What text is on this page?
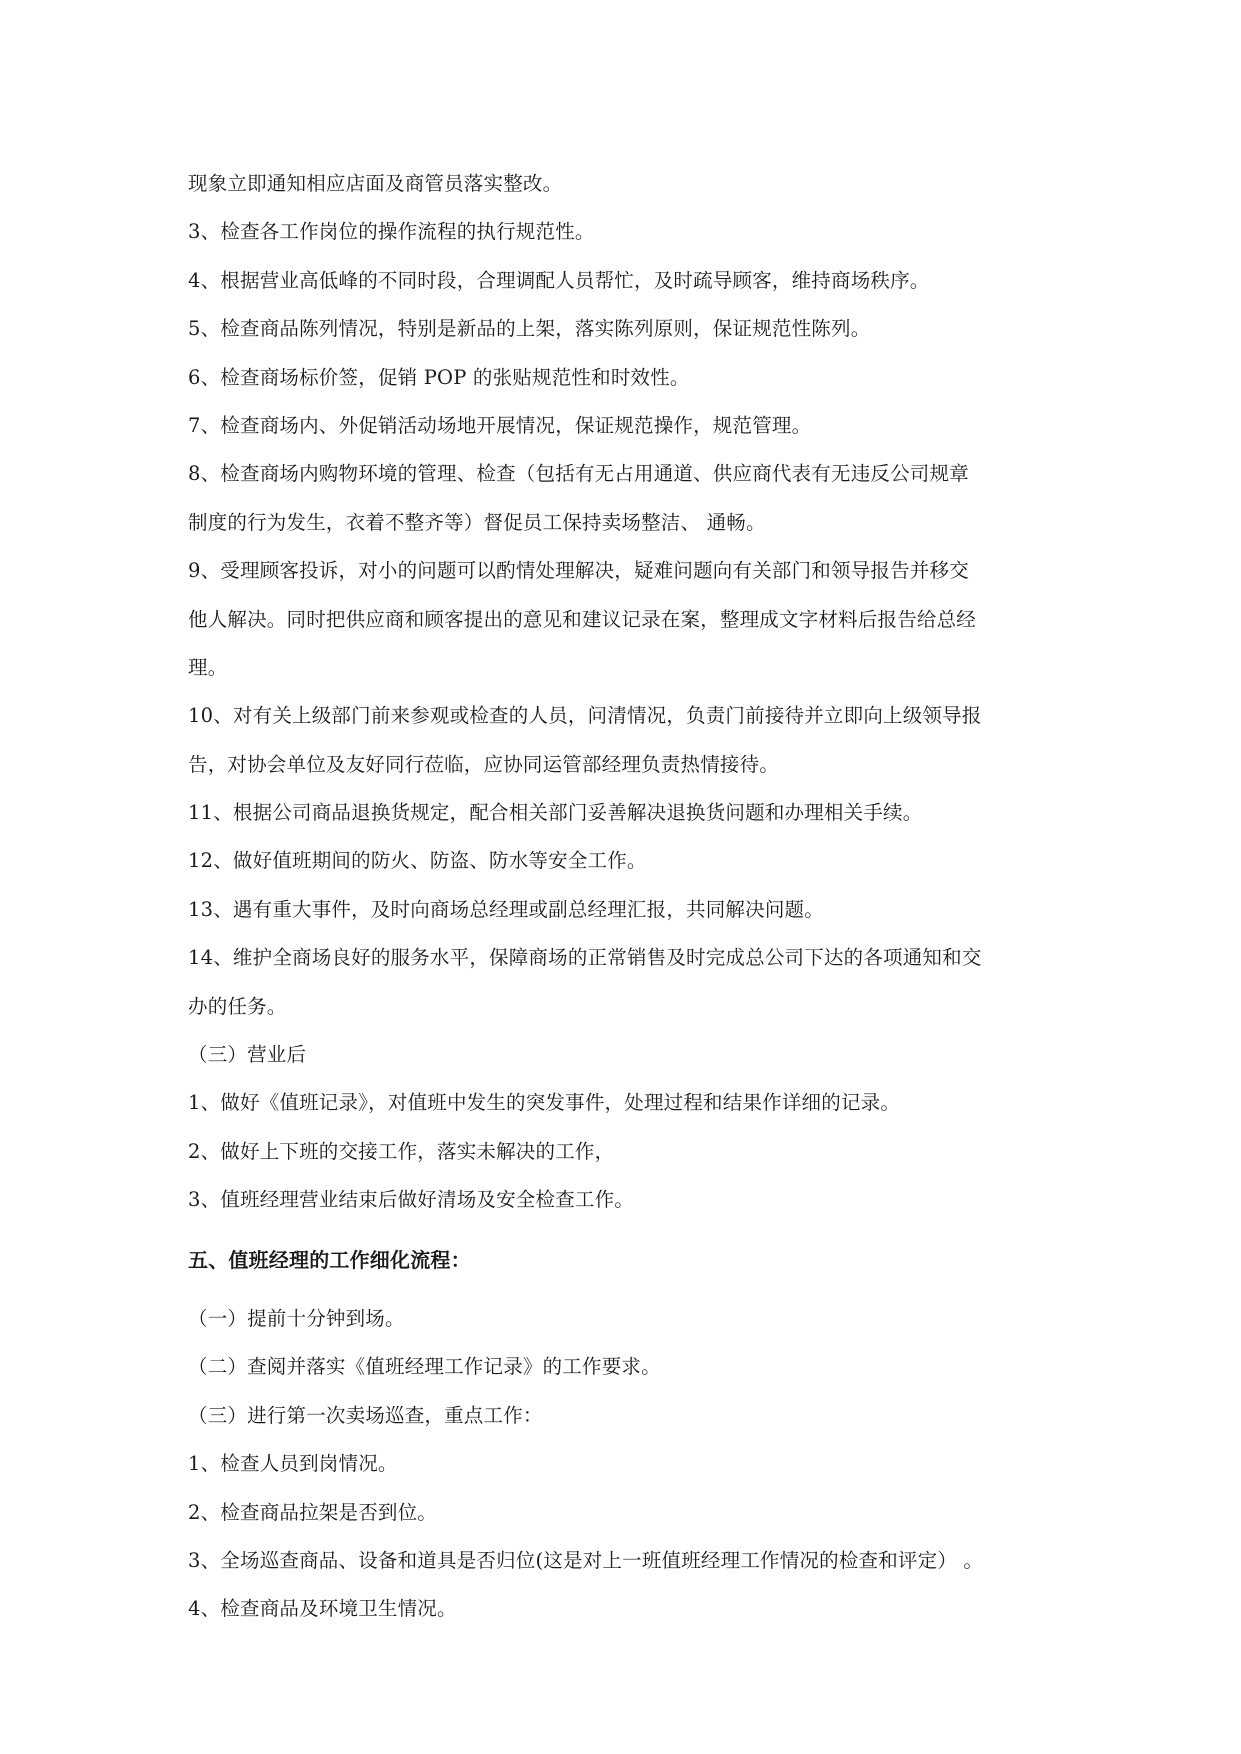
现象立即通知相应店面及商管员落实整改。
3、检查各工作岗位的操作流程的执行规范性。
4、根据营业高低峰的不同时段，合理调配人员帮忙，及时疏导顾客，维持商场秩序。
5、检查商品陈列情况，特别是新品的上架，落实陈列原则，保证规范性陈列。
6、检查商场标价签，促销 POP 的张贴规范性和时效性。
7、检查商场内、外促销活动场地开展情况，保证规范操作，规范管理。
8、检查商场内购物环境的管理、检查（包括有无占用通道、供应商代表有无违反公司规章
制度的行为发生，衣着不整齐等）督促员工保持卖场整洁、 通畅。
9、受理顾客投诉，对小的问题可以酌情处理解决，疑难问题向有关部门和领导报告并移交
他人解决。同时把供应商和顾客提出的意见和建议记录在案，整理成文字材料后报告给总经
理。
10、对有关上级部门前来参观或检查的人员，问清情况，负责门前接待并立即向上级领导报
告，对协会单位及友好同行莅临，应协同运管部经理负责热情接待。
11、根据公司商品退换货规定，配合相关部门妥善解决退换货问题和办理相关手续。
12、做好值班期间的防火、防盗、防水等安全工作。
13、遇有重大事件，及时向商场总经理或副总经理汇报，共同解决问题。
14、维护全商场良好的服务水平，保障商场的正常销售及时完成总公司下达的各项通知和交
办的任务。
（三）营业后
1、做好《值班记录》，对值班中发生的突发事件，处理过程和结果作详细的记录。
2、做好上下班的交接工作，落实未解决的工作，
3、值班经理营业结束后做好清场及安全检查工作。
五、值班经理的工作细化流程：
（一）提前十分钟到场。
（二）查阅并落实《值班经理工作记录》的工作要求。
（三）进行第一次卖场巡查，重点工作：
1、检查人员到岗情况。
2、检查商品拉架是否到位。
3、全场巡查商品、设备和道具是否归位(这是对上一班值班经理工作情况的检查和评定） 。
4、检查商品及环境卫生情况。
